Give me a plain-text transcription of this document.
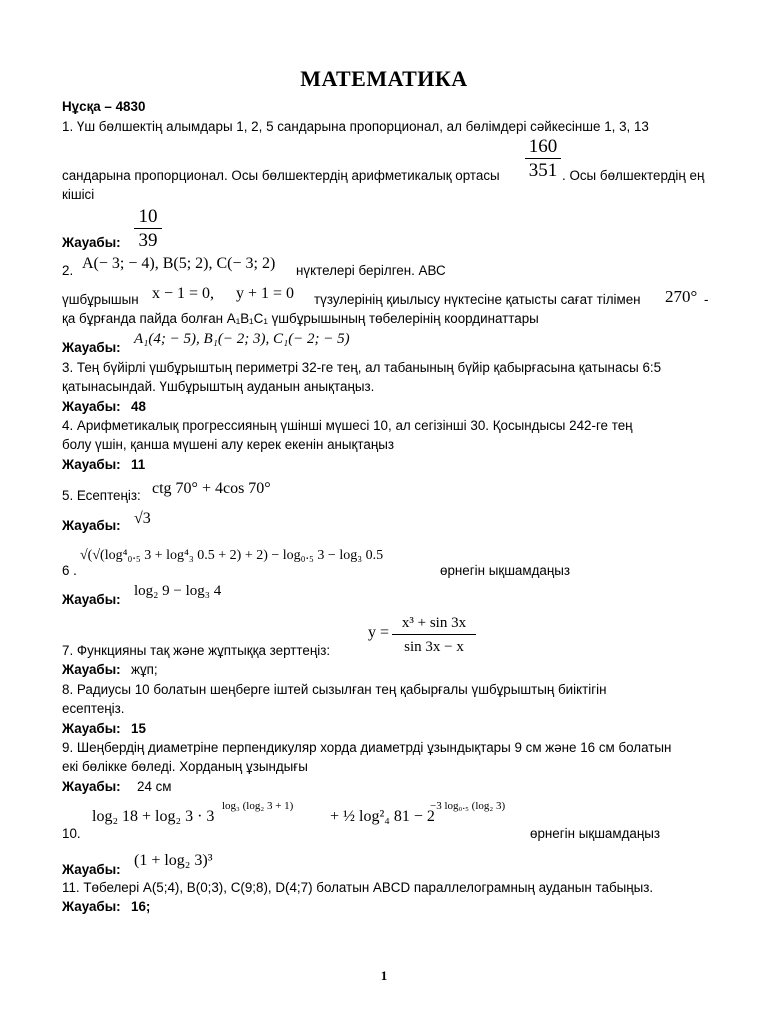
МАТЕМАТИКА
Нұсқа – 4830
1. Үш бөлшектің алымдары 1, 2, 5 сандарына пропорционал, ал бөлімдері сәйкесінше 1, 3, 13
$\frac{160}{351}$
сандарына пропорционал. Осы бөлшектердің арифметикалық ортасы	. Осы бөлшектердің ең
кішісі
$\frac{10}{39}$
Жауабы:
2. A(− 3; − 4), B(5; 2), C(− 3; 2) нүктелері берілген. АВС
үшбұрышын x − 1 = 0, y + 1 = 0 түзулерінің қиылысу нүктесіне қатысты сағат тілімен 270° -
қа бұрғанда пайда болған A₁B₁C₁ үшбұрышының төбелерінің координаттары
Жауабы:
A₁(4; − 5), B₁(− 2; 3), C₁(− 2; − 5)
3. Тең бүйірлі үшбұрыштың периметрі 32-ге тең, ал табанының бүйір қабырғасына қатынасы 6:5
қатынасындай. Үшбұрыштың ауданын анықтаңыз.
Жауабы: 48
4. Арифметикалық прогрессияның үшінші мүшесі 10, ал сегізінші 30. Қосындысы 242-ге тең
болу үшін, қанша мүшені алу керек екенін анықтаңыз
Жауабы: 11
5. Есептеңіз: ctg 70° + 4cos 70°
Жауабы: √3
6 .
√(√(log⁴₀.₅ 3 + log⁴₃ 0.5 + 2) + 2) − log₀.₅ 3 − log₃ 0.5
өрнегін ықшамдаңыз
Жауабы:
log₂ 9 − log₃ 4
7. Функцияны тақ және жұптыққа зерттеңіз:
$y = \frac{\text{x³ + sin 3x}}{\sin 3x - x}$
Жауабы: жұп;
8. Радиусы 10 болатын шеңберге іштей сызылған тең қабырғалы үшбұрыштың биіктігін
есептеңіз.
Жауабы: 15
9. Шеңбердің диаметріне перпендикуляр хорда диаметрді ұзындықтары 9 см және 16 см болатын
екі бөлікке бөледі. Хорданың ұзындығы
Жауабы: 24 см
10.
log₂ 18 + log₂ 3 · 3
log₃ (log₂ 3 + 1)
+ ½ log²₄ 81 − 2
−3 log₀.₅ (log₂ 3)
өрнегін ықшамдаңыз
Жауабы:
(1 + log₂ 3)³
11. Төбелері A(5;4), B(0;3), C(9;8), D(4;7) болатын ABCD параллелограмның ауданын табыңыз.
Жауабы: 16;
1
